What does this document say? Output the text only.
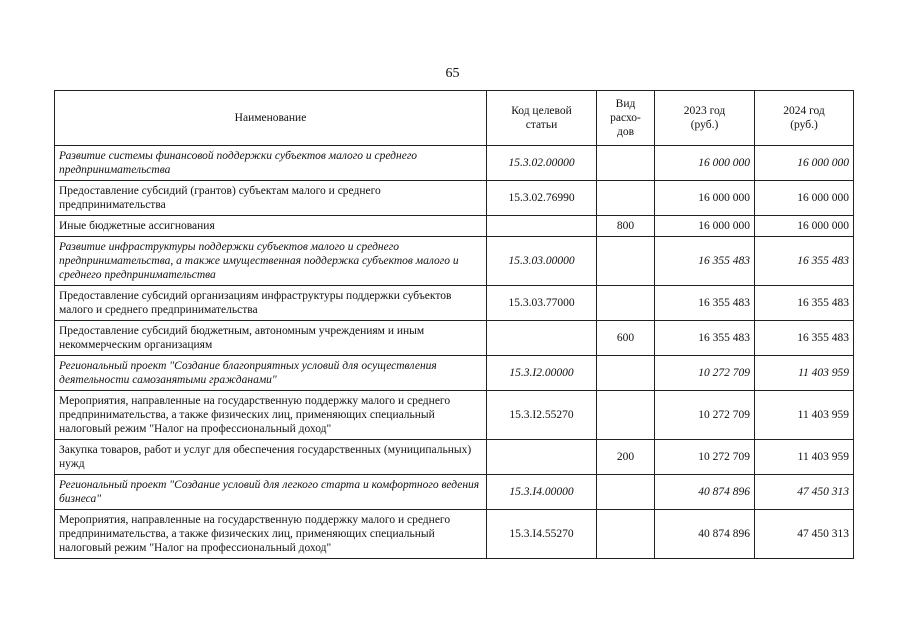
65
Наименование	Код целевой статьи	Вид расхо-дов	2023 год (руб.)	2024 год (руб.)
Развитие системы финансовой поддержки субъектов малого и среднего предпринимательства	15.3.02.00000		16 000 000	16 000 000
Предоставление субсидий (грантов) субъектам малого и среднего предпринимательства	15.3.02.76990		16 000 000	16 000 000
Иные бюджетные ассигнования		800	16 000 000	16 000 000
Развитие инфраструктуры поддержки субъектов малого и среднего предпринимательства, а также имущественная поддержка субъектов малого и среднего предпринимательства	15.3.03.00000		16 355 483	16 355 483
Предоставление субсидий организациям инфраструктуры поддержки субъектов малого и среднего предпринимательства	15.3.03.77000		16 355 483	16 355 483
Предоставление субсидий бюджетным, автономным учреждениям и иным некоммерческим организациям		600	16 355 483	16 355 483
Региональный проект "Создание благоприятных условий для осуществления деятельности самозанятыми гражданами"	15.3.I2.00000		10 272 709	11 403 959
Мероприятия, направленные на государственную поддержку малого и среднего предпринимательства, а также физических лиц, применяющих специальный налоговый режим "Налог на профессиональный доход"	15.3.I2.55270		10 272 709	11 403 959
Закупка товаров, работ и услуг для обеспечения государственных (муниципальных) нужд		200	10 272 709	11 403 959
Региональный проект "Создание условий для легкого старта и комфортного ведения бизнеса"	15.3.I4.00000		40 874 896	47 450 313
Мероприятия, направленные на государственную поддержку малого и среднего предпринимательства, а также физических лиц, применяющих специальный налоговый режим "Налог на профессиональный доход"	15.3.I4.55270		40 874 896	47 450 313
